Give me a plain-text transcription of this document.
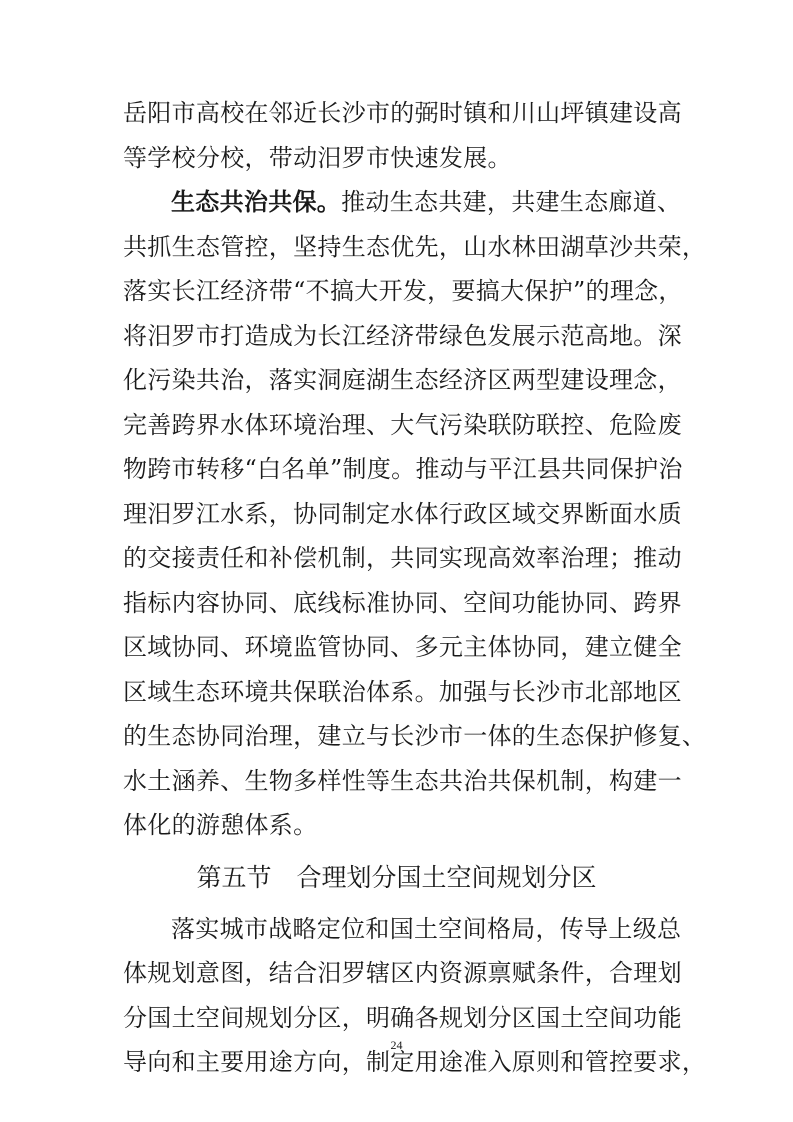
岳阳市高校在邻近长沙市的弼时镇和川山坪镇建设高
等学校分校，带动汨罗市快速发展。
生态共治共保。推动生态共建，共建生态廊道、
共抓生态管控，坚持生态优先，山水林田湖草沙共荣，
落实长江经济带“不搞大开发，要搞大保护”的理念，
将汨罗市打造成为长江经济带绿色发展示范高地。深
化污染共治，落实洞庭湖生态经济区两型建设理念，
完善跨界水体环境治理、大气污染联防联控、危险废
物跨市转移“白名单”制度。推动与平江县共同保护治
理汨罗江水系，协同制定水体行政区域交界断面水质
的交接责任和补偿机制，共同实现高效率治理；推动
指标内容协同、底线标准协同、空间功能协同、跨界
区域协同、环境监管协同、多元主体协同，建立健全
区域生态环境共保联治体系。加强与长沙市北部地区
的生态协同治理，建立与长沙市一体的生态保护修复、
水土涵养、生物多样性等生态共治共保机制，构建一
体化的游憩体系。
第五节　合理划分国土空间规划分区
落实城市战略定位和国土空间格局，传导上级总
体规划意图，结合汨罗辖区内资源禀赋条件，合理划
分国土空间规划分区，明确各规划分区国土空间功能
导向和主要用途方向，制定用途准入原则和管控要求，
24
